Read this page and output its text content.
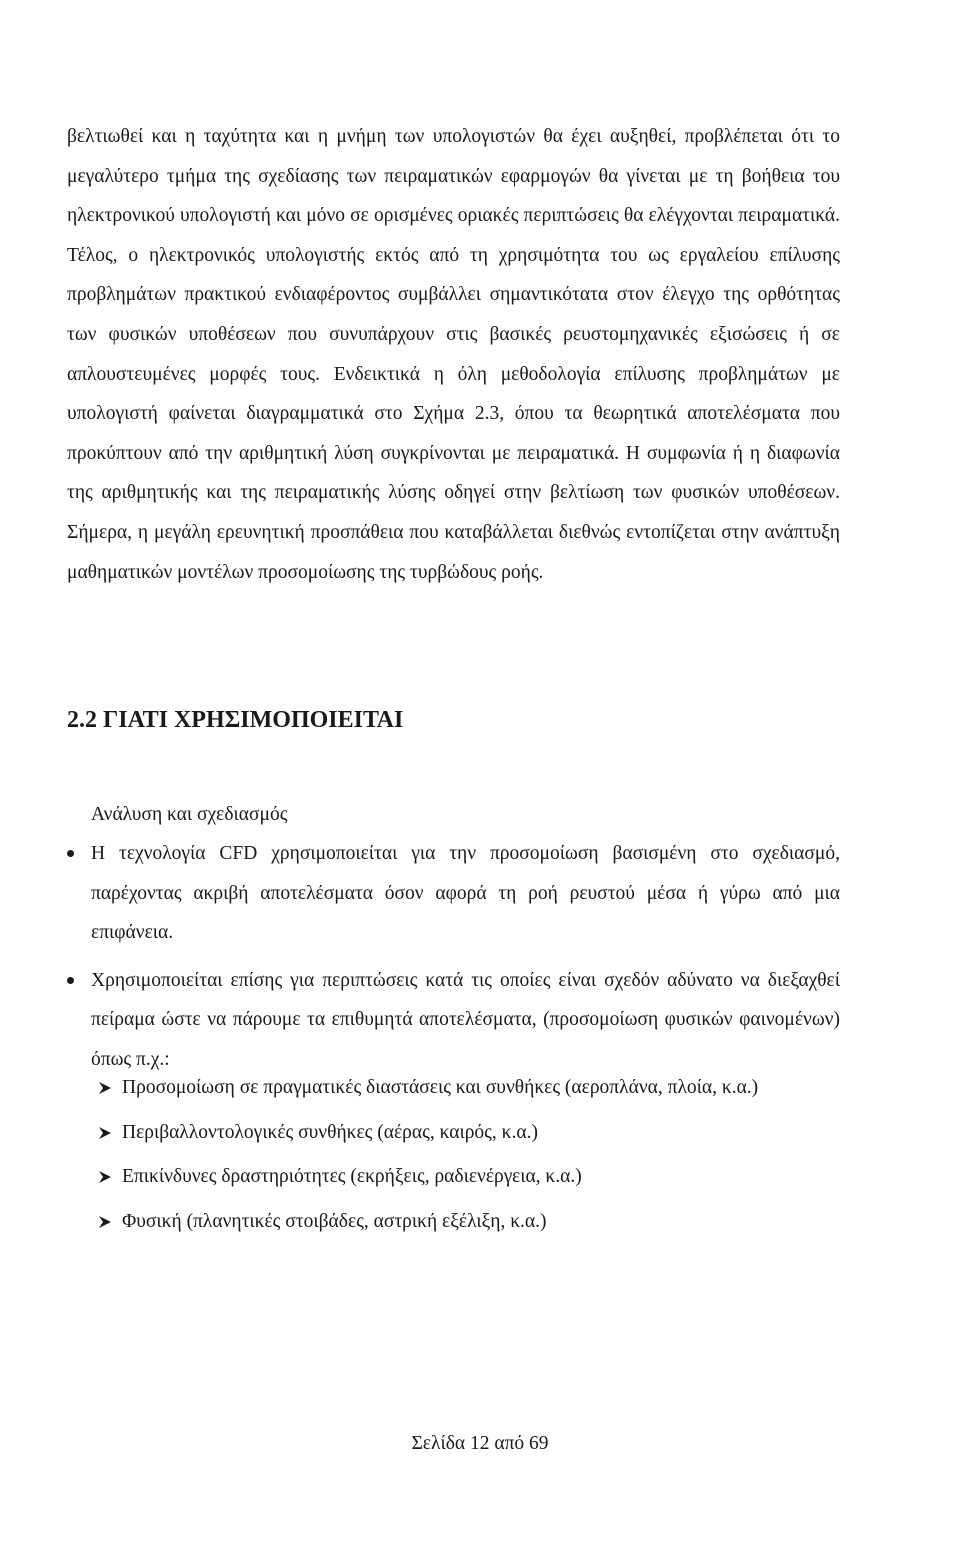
βελτιωθεί και η ταχύτητα και η μνήμη των υπολογιστών θα έχει αυξηθεί, προβλέπεται ότι το μεγαλύτερο τμήμα της σχεδίασης των πειραματικών εφαρμογών θα γίνεται με τη βοήθεια του ηλεκτρονικού υπολογιστή και μόνο σε ορισμένες οριακές περιπτώσεις θα ελέγχονται πειραματικά. Τέλος, ο ηλεκτρονικός υπολογιστής εκτός από τη χρησιμότητα του ως εργαλείου επίλυσης προβλημάτων πρακτικού ενδιαφέροντος συμβάλλει σημαντικότατα στον έλεγχο της ορθότητας των φυσικών υποθέσεων που συνυπάρχουν στις βασικές ρευστομηχανικές εξισώσεις ή σε απλουστευμένες μορφές τους. Ενδεικτικά η όλη μεθοδολογία επίλυσης προβλημάτων με υπολογιστή φαίνεται διαγραμματικά στο Σχήμα 2.3, όπου τα θεωρητικά αποτελέσματα που προκύπτουν από την αριθμητική λύση συγκρίνονται με πειραματικά. Η συμφωνία ή η διαφωνία της αριθμητικής και της πειραματικής λύσης οδηγεί στην βελτίωση των φυσικών υποθέσεων. Σήμερα, η μεγάλη ερευνητική προσπάθεια που καταβάλλεται διεθνώς εντοπίζεται στην ανάπτυξη μαθηματικών μοντέλων προσομοίωσης της τυρβώδους ροής.

2.2 ΓΙΑΤΙ ΧΡΗΣΙΜΟΠΟΙΕΙΤΑΙ

Ανάλυση και σχεδιασμός

Η τεχνολογία CFD χρησιμοποιείται για την προσομοίωση βασισμένη στο σχεδιασμό, παρέχοντας ακριβή αποτελέσματα όσον αφορά τη ροή ρευστού μέσα ή γύρω από μια επιφάνεια.
Χρησιμοποιείται επίσης για περιπτώσεις κατά τις οποίες είναι σχεδόν αδύνατο να διεξαχθεί πείραμα ώστε να πάρουμε τα επιθυμητά αποτελέσματα, (προσομοίωση φυσικών φαινομένων) όπως π.χ.:
Προσομοίωση σε πραγματικές διαστάσεις και συνθήκες (αεροπλάνα, πλοία, κ.α.)
Περιβαλλοντολογικές συνθήκες (αέρας, καιρός, κ.α.)
Επικίνδυνες δραστηριότητες (εκρήξεις, ραδιενέργεια, κ.α.)
Φυσική (πλανητικές στοιβάδες, αστρική εξέλιξη, κ.α.)

Σελίδα 12 από 69
